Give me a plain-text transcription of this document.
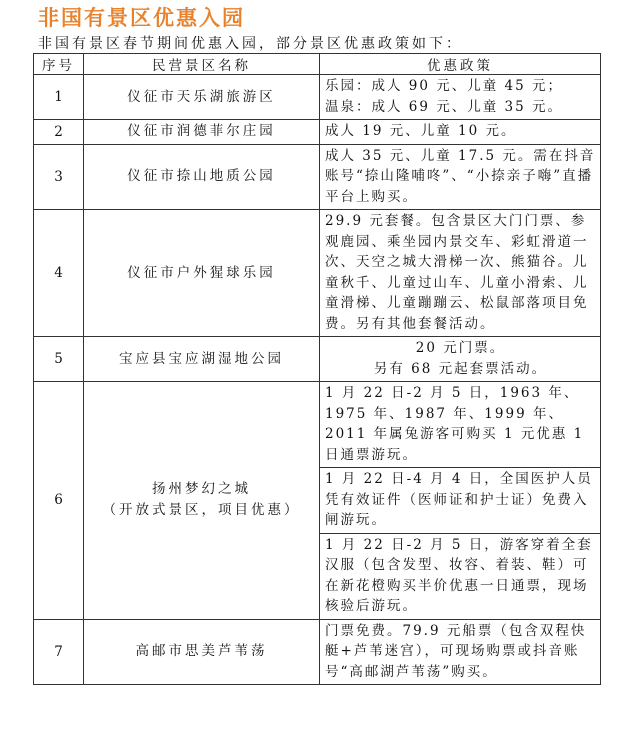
非国有景区优惠入园
非国有景区春节期间优惠入园，部分景区优惠政策如下：
序号	民营景区名称	优惠政策
1	仪征市天乐湖旅游区	乐园：成人 90 元、儿童 45 元；
温泉：成人 69 元、儿童 35 元。

2	仪征市润德菲尔庄园	成人 19 元、儿童 10 元。

3	仪征市捺山地质公园	成人 35 元、儿童 17.5 元。需在抖音账号“捺山隆哺咚”、“小捺亲子嗨”直播平台上购买。

4	仪征市户外猩球乐园	29.9 元套餐。包含景区大门门票、参观鹿园、乘坐园内景交车、彩虹滑道一次、天空之城大滑梯一次、熊猫谷。儿童秋千、儿童过山车、儿童小滑索、儿童滑梯、儿童蹦蹦云、松鼠部落项目免费。另有其他套餐活动。

5	宝应县宝应湖湿地公园	20 元门票。
另有 68 元起套票活动。

6	扬州梦幻之城
（开放式景区，项目优惠）	1 月 22 日-2 月 5 日，1963 年、1975 年、1987 年、1999 年、2011 年属兔游客可购买 1 元优惠 1 日通票游玩。

		1 月 22 日-4 月 4 日，全国医护人员凭有效证件（医师证和护士证）免费入闸游玩。

		1 月 22 日-2 月 5 日，游客穿着全套汉服（包含发型、妆容、着装、鞋）可在新花橙购买半价优惠一日通票，现场核验后游玩。

7	高邮市思美芦苇荡	门票免费。79.9 元船票（包含双程快艇+芦苇迷宫），可现场购票或抖音账号“高邮湖芦苇荡”购买。
